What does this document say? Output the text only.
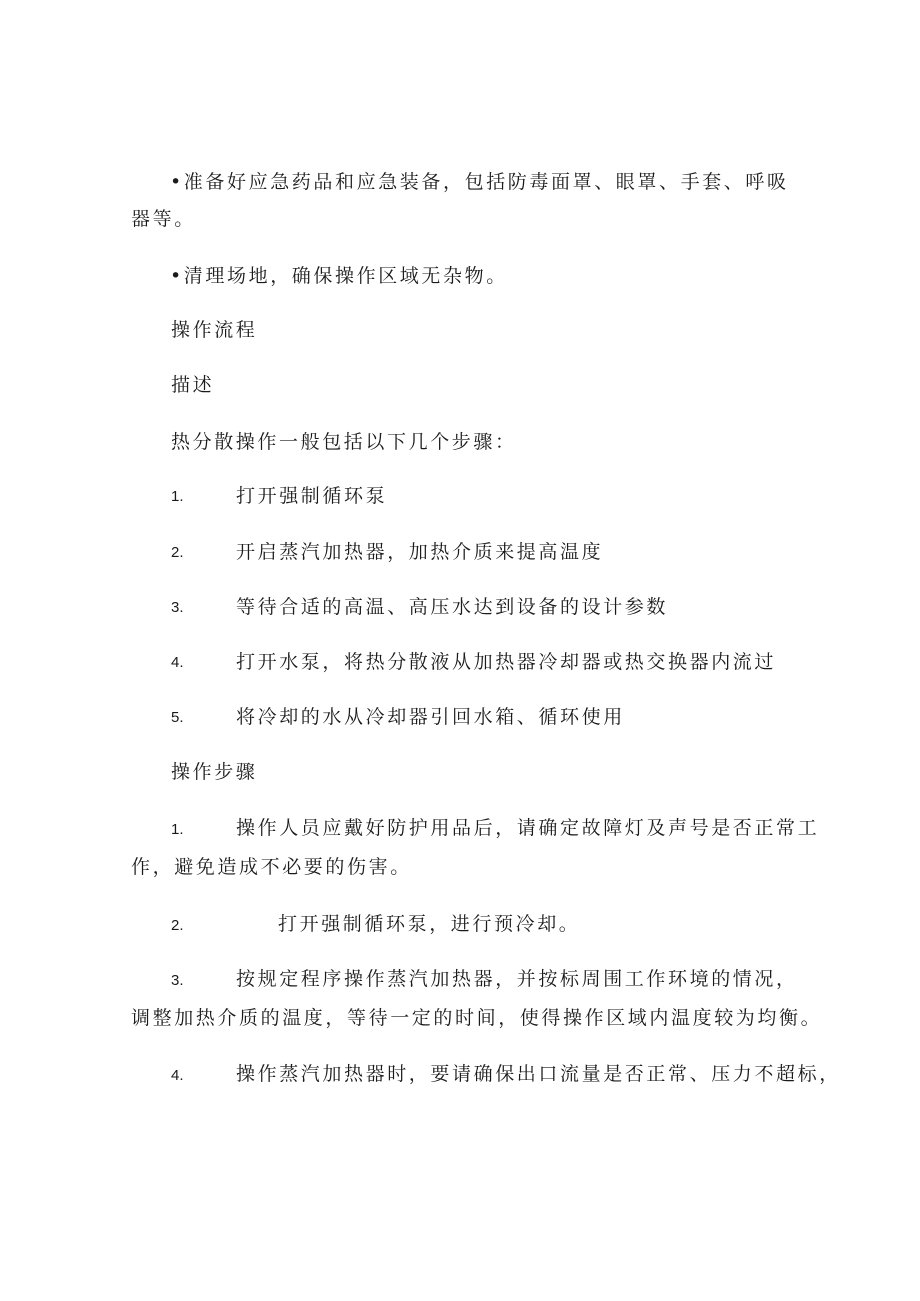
•准备好应急药品和应急装备，包括防毒面罩、眼罩、手套、呼吸
器等。
•清理场地，确保操作区域无杂物。
操作流程
描述
热分散操作一般包括以下几个步骤：
1.	打开强制循环泵
2.	开启蒸汽加热器，加热介质来提高温度
3.	等待合适的高温、高压水达到设备的设计参数
4.	打开水泵，将热分散液从加热器冷却器或热交换器内流过
5.	将冷却的水从冷却器引回水箱、循环使用
操作步骤
1.	操作人员应戴好防护用品后，请确定故障灯及声号是否正常工
作，避免造成不必要的伤害。
2.	打开强制循环泵，进行预冷却。
3.	按规定程序操作蒸汽加热器，并按标周围工作环境的情况，
调整加热介质的温度，等待一定的时间，使得操作区域内温度较为均衡。
4.	操作蒸汽加热器时，要请确保出口流量是否正常、压力不超标，
